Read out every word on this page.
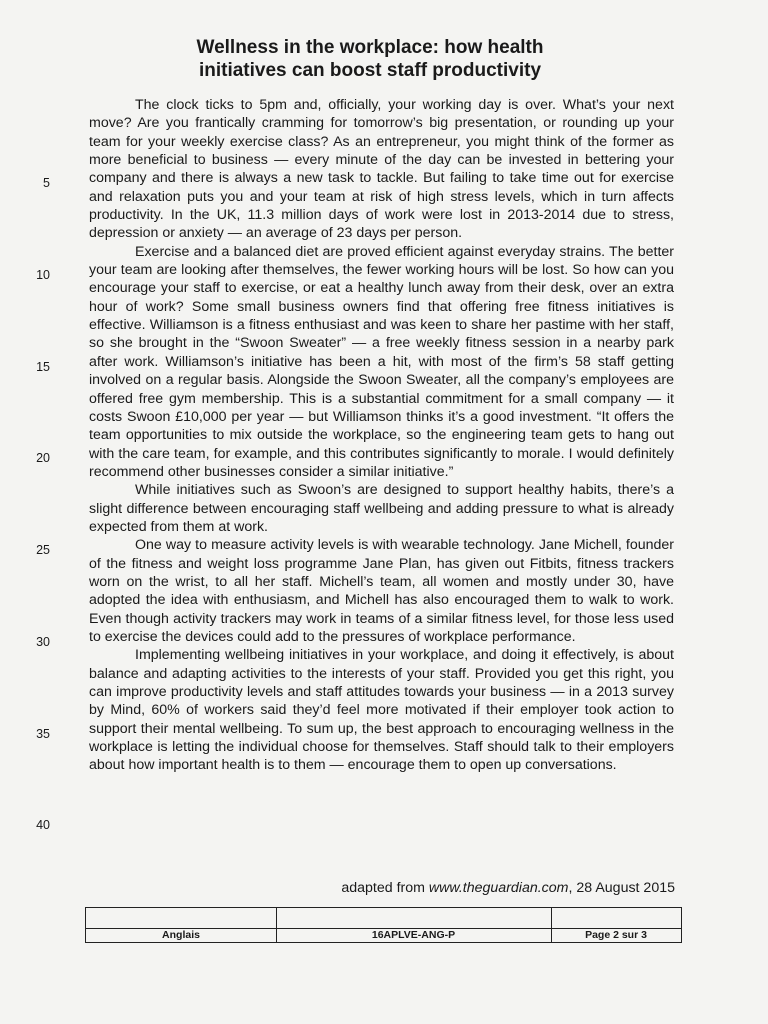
Wellness in the workplace: how health
initiatives can boost staff productivity

The clock ticks to 5pm and, officially, your working day is over. What’s your next move? Are you frantically cramming for tomorrow’s big presentation, or rounding up your team for your weekly exercise class? As an entrepreneur, you might think of the former as more beneficial to business — every minute of the day can be invested in bettering your company and there is always a new task to tackle. But failing to take time out for exercise and relaxation puts you and your team at risk of high stress levels, which in turn affects productivity. In the UK, 11.3 million days of work were lost in 2013-2014 due to stress, depression or anxiety — an average of 23 days per person.

Exercise and a balanced diet are proved efficient against everyday strains. The better your team are looking after themselves, the fewer working hours will be lost. So how can you encourage your staff to exercise, or eat a healthy lunch away from their desk, over an extra hour of work? Some small business owners find that offering free fitness initiatives is effective. Williamson is a fitness enthusiast and was keen to share her pastime with her staff, so she brought in the “Swoon Sweater” — a free weekly fitness session in a nearby park after work. Williamson’s initiative has been a hit, with most of the firm’s 58 staff getting involved on a regular basis. Alongside the Swoon Sweater, all the company’s employees are offered free gym membership. This is a substantial commitment for a small company — it costs Swoon £10,000 per year — but Williamson thinks it’s a good investment. “It offers the team opportunities to mix outside the workplace, so the engineering team gets to hang out with the care team, for example, and this contributes significantly to morale. I would definitely recommend other businesses consider a similar initiative.”

While initiatives such as Swoon’s are designed to support healthy habits, there’s a slight difference between encouraging staff wellbeing and adding pressure to what is already expected from them at work.

One way to measure activity levels is with wearable technology. Jane Michell, founder of the fitness and weight loss programme Jane Plan, has given out Fitbits, fitness trackers worn on the wrist, to all her staff. Michell’s team, all women and mostly under 30, have adopted the idea with enthusiasm, and Michell has also encouraged them to walk to work. Even though activity trackers may work in teams of a similar fitness level, for those less used to exercise the devices could add to the pressures of workplace performance.

Implementing wellbeing initiatives in your workplace, and doing it effectively, is about balance and adapting activities to the interests of your staff. Provided you get this right, you can improve productivity levels and staff attitudes towards your business — in a 2013 survey by Mind, 60% of workers said they’d feel more motivated if their employer took action to support their mental wellbeing. To sum up, the best approach to encouraging wellness in the workplace is letting the individual choose for themselves. Staff should talk to their employers about how important health is to them — encourage them to open up conversations.

5
10
15
20
25
30
35
40
adapted from www.theguardian.com, 28 August 2015
Anglais	16APLVE-ANG-P	Page 2 sur 3
